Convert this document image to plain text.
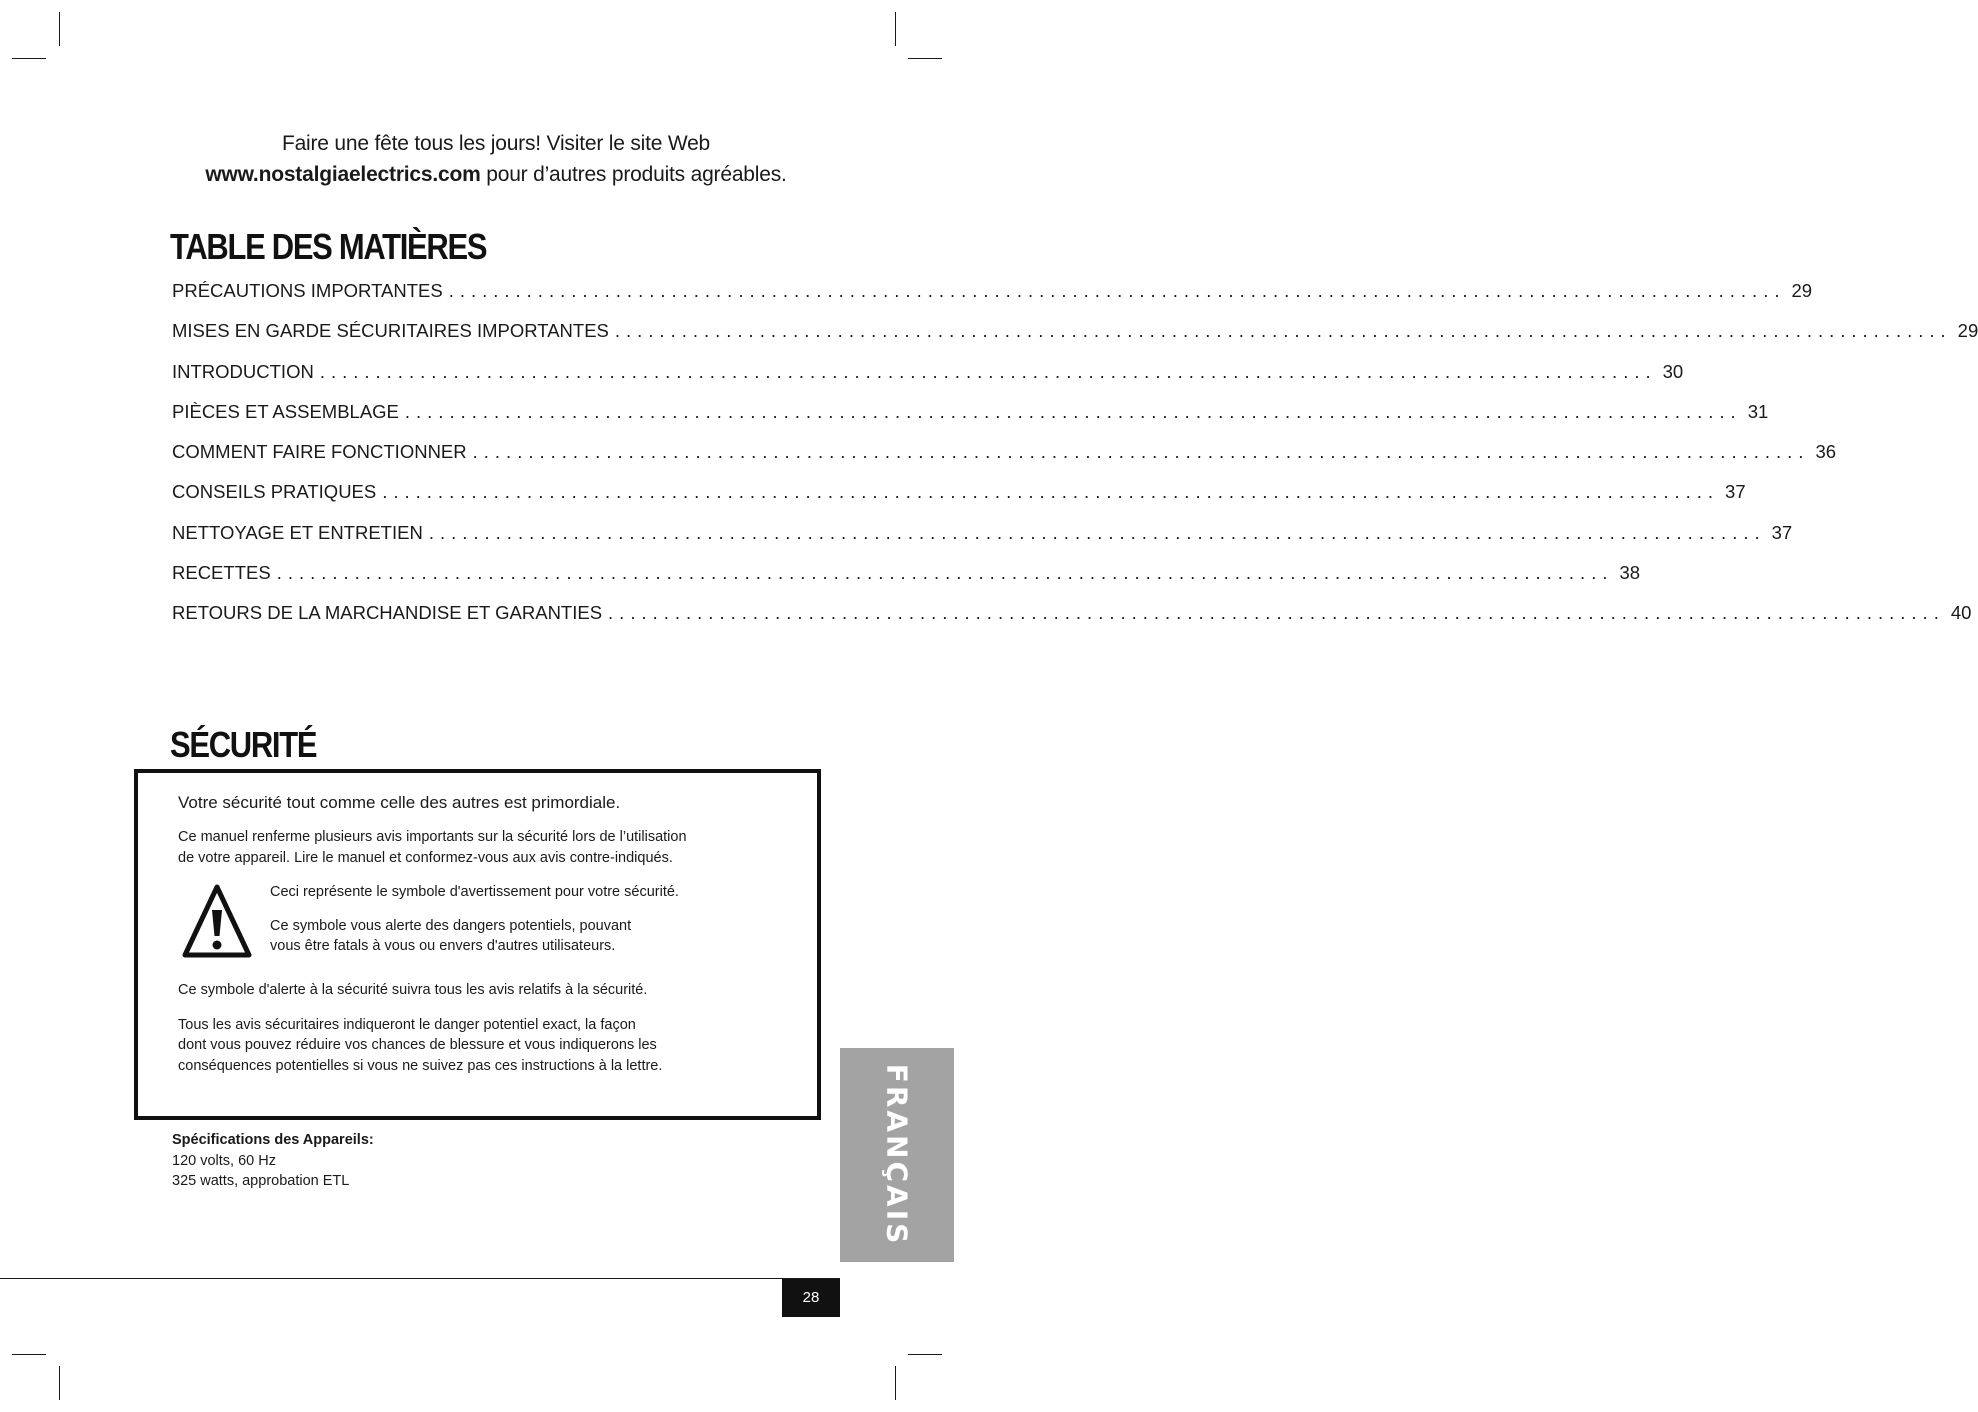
Faire une fête tous les jours! Visiter le site Web
www.nostalgiaelectrics.com pour d’autres produits agréables.
TABLE DES MATIÈRES
PRÉCAUTIONS IMPORTANTES ........................................................................................................................ 29
MISES EN GARDE SÉCURITAIRES IMPORTANTES ........................................................................................................................ 29
INTRODUCTION ........................................................................................................................ 30
PIÈCES ET ASSEMBLAGE ........................................................................................................................ 31
COMMENT FAIRE FONCTIONNER ........................................................................................................................ 36
CONSEILS PRATIQUES ........................................................................................................................ 37
NETTOYAGE ET ENTRETIEN ........................................................................................................................ 37
RECETTES ........................................................................................................................ 38
RETOURS DE LA MARCHANDISE ET GARANTIES ........................................................................................................................ 40
SÉCURITÉ

Votre sécurité tout comme celle des autres est primordiale.

Ce manuel renferme plusieurs avis importants sur la sécurité lors de l’utilisation
de votre appareil. Lire le manuel et conformez-vous aux avis contre-indiqués.

Ceci représente le symbole d'avertissement pour votre sécurité.

Ce symbole vous alerte des dangers potentiels, pouvant
vous être fatals à vous ou envers d'autres utilisateurs.

Ce symbole d'alerte à la sécurité suivra tous les avis relatifs à la sécurité.

Tous les avis sécuritaires indiqueront le danger potentiel exact, la façon
dont vous pouvez réduire vos chances de blessure et vous indiquerons les
conséquences potentielles si vous ne suivez pas ces instructions à la lettre.

Spécifications des Appareils:
120 volts, 60 Hz
325 watts, approbation ETL	FRANÇAIS
28
